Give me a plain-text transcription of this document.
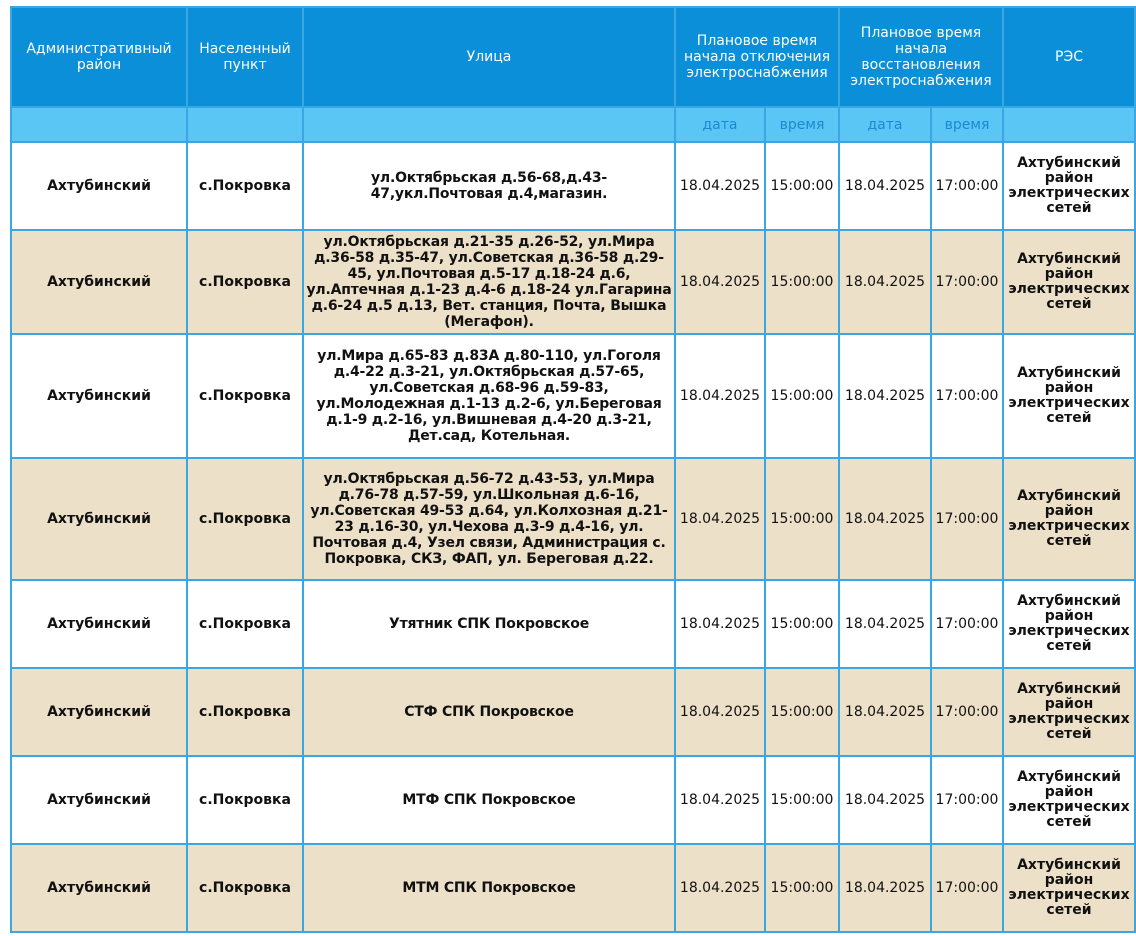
Административный район	Населенный пункт	Улица	Плановое время начала отключения электроснабжения		Плановое время начала восстановления электроснабжения		РЭС	
			дата	время	дата	время		
Ахтубинский	с.Покровка	ул.Октябрьская д.56-68,д.43-47,укл.Почтовая д.4,магазин.	18.04.2025	15:00:00	18.04.2025	17:00:00	Ахтубинский район электрических сетей	
Ахтубинский	с.Покровка	ул.Октябрьская д.21-35 д.26-52, ул.Мира д.36-58 д.35-47, ул.Советская д.36-58 д.29-45, ул.Почтовая д.5-17 д.18-24 д.6, ул.Аптечная д.1-23 д.4-6 д.18-24 ул.Гагарина д.6-24 д.5 д.13, Вет. станция, Почта, Вышка (Мегафон).	18.04.2025	15:00:00	18.04.2025	17:00:00	Ахтубинский район электрических сетей	
Ахтубинский	с.Покровка	ул.Мира д.65-83 д.83А д.80-110, ул.Гоголя д.4-22 д.3-21, ул.Октябрьская д.57-65, ул.Советская д.68-96 д.59-83, ул.Молодежная д.1-13 д.2-6, ул.Береговая д.1-9 д.2-16, ул.Вишневая д.4-20 д.3-21, Дет.сад, Котельная.	18.04.2025	15:00:00	18.04.2025	17:00:00	Ахтубинский район электрических сетей	
Ахтубинский	с.Покровка	ул.Октябрьская д.56-72 д.43-53, ул.Мира д.76-78 д.57-59, ул.Школьная д.6-16, ул.Советская 49-53 д.64, ул.Колхозная д.21-23 д.16-30, ул.Чехова д.3-9 д.4-16, ул. Почтовая д.4, Узел связи, Администрация с. Покровка, СКЗ, ФАП, ул. Береговая д.22.	18.04.2025	15:00:00	18.04.2025	17:00:00	Ахтубинский район электрических сетей	
Ахтубинский	с.Покровка	Утятник СПК Покровское	18.04.2025	15:00:00	18.04.2025	17:00:00	Ахтубинский район электрических сетей	
Ахтубинский	с.Покровка	СТФ СПК Покровское	18.04.2025	15:00:00	18.04.2025	17:00:00	Ахтубинский район электрических сетей	
Ахтубинский	с.Покровка	МТФ СПК Покровское	18.04.2025	15:00:00	18.04.2025	17:00:00	Ахтубинский район электрических сетей	
Ахтубинский	с.Покровка	МТМ СПК Покровское	18.04.2025	15:00:00	18.04.2025	17:00:00	Ахтубинский район электрических сетей	
